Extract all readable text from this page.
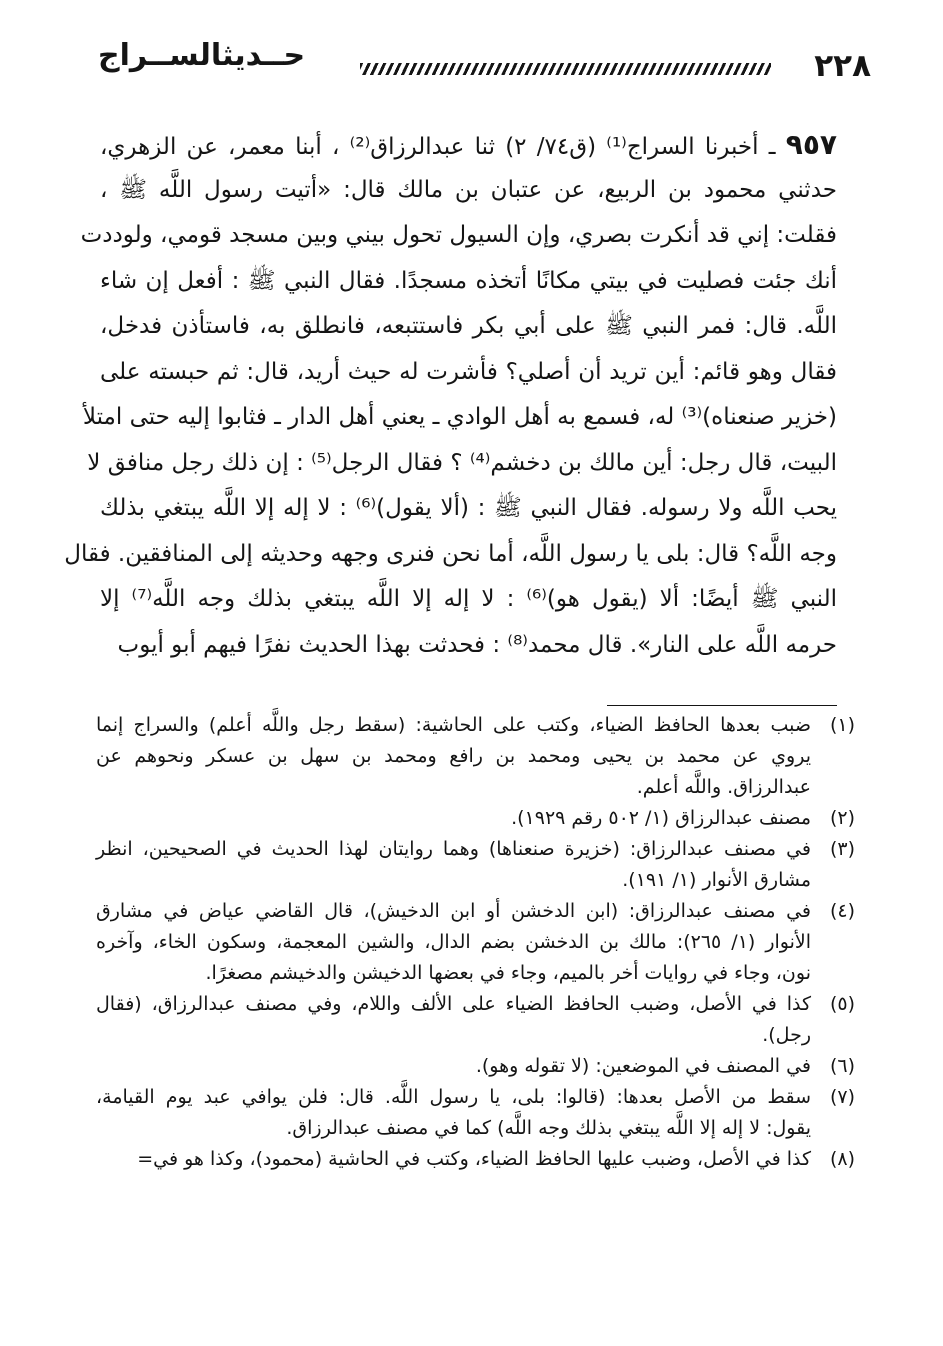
٢٢٨
حــديثالســراج
٩٥٧ ـ أخبرنا السراج⁽¹⁾ (ق٧٤/ ٢) ثنا عبدالرزاق⁽²⁾ ، أبنا معمر، عن الزهري،
حدثني محمود بن الربيع، عن عتبان بن مالك قال: «أتيت رسول اللَّه ﷺ ،
فقلت: إني قد أنكرت بصري، وإن السيول تحول بيني وبين مسجد قومي، ولوددت
أنك جئت فصليت في بيتي مكانًا أتخذه مسجدًا. فقال النبي ﷺ : أفعل إن شاء
اللَّه. قال: فمر النبي ﷺ على أبي بكر فاستتبعه، فانطلق به، فاستأذن فدخل،
فقال وهو قائم: أين تريد أن أصلي؟ فأشرت له حيث أريد، قال: ثم حبسته على
(خزير صنعناه)⁽³⁾ له، فسمع به أهل الوادي ـ يعني أهل الدار ـ فثابوا إليه حتى امتلأ
البيت، قال رجل: أين مالك بن دخشم⁽⁴⁾ ؟ فقال الرجل⁽⁵⁾ : إن ذلك رجل منافق لا
يحب اللَّه ولا رسوله. فقال النبي ﷺ : (ألا يقول)⁽⁶⁾ : لا إله إلا اللَّه يبتغي بذلك
وجه اللَّه؟ قال: بلى يا رسول اللَّه، أما نحن فنرى وجهه وحديثه إلى المنافقين. فقال
النبي ﷺ أيضًا: ألا (يقول هو)⁽⁶⁾ : لا إله إلا اللَّه يبتغي بذلك وجه اللَّه⁽⁷⁾ إلا
حرمه اللَّه على النار». قال محمد⁽⁸⁾ : فحدثت بهذا الحديث نفرًا فيهم أبو أيوب
(١)
ضبب بعدها الحافظ الضياء، وكتب على الحاشية: (سقط رجل واللَّه أعلم) والسراج إنما
يروي عن محمد بن يحيى ومحمد بن رافع ومحمد بن سهل بن عسكر ونحوهم عن
عبدالرزاق. واللَّه أعلم.
(٢)
مصنف عبدالرزاق (١/ ٥٠٢ رقم ١٩٢٩).
(٣)
في مصنف عبدالرزاق: (خزيرة صنعناها) وهما روايتان لهذا الحديث في الصحيحين، انظر
مشارق الأنوار (١/ ١٩١).
(٤)
في مصنف عبدالرزاق: (ابن الدخشن أو ابن الدخيش)، قال القاضي عياض في مشارق
الأنوار (١/ ٢٦٥): مالك بن الدخشن بضم الدال، والشين المعجمة، وسكون الخاء، وآخره
نون، وجاء في روايات أخر بالميم، وجاء في بعضها الدخيشن والدخيشم مصغرًا.
(٥)
كذا في الأصل، وضبب الحافظ الضياء على الألف واللام، وفي مصنف عبدالرزاق، (فقال
رجل).
(٦)
في المصنف في الموضعين: (لا تقوله وهو).
(٧)
سقط من الأصل بعدها: (قالوا: بلى، يا رسول اللَّه. قال: فلن يوافي عبد يوم القيامة،
يقول: لا إله إلا اللَّه يبتغي بذلك وجه اللَّه) كما في مصنف عبدالرزاق.
(٨)
كذا في الأصل، وضبب عليها الحافظ الضياء، وكتب في الحاشية (محمود)، وكذا هو في=
